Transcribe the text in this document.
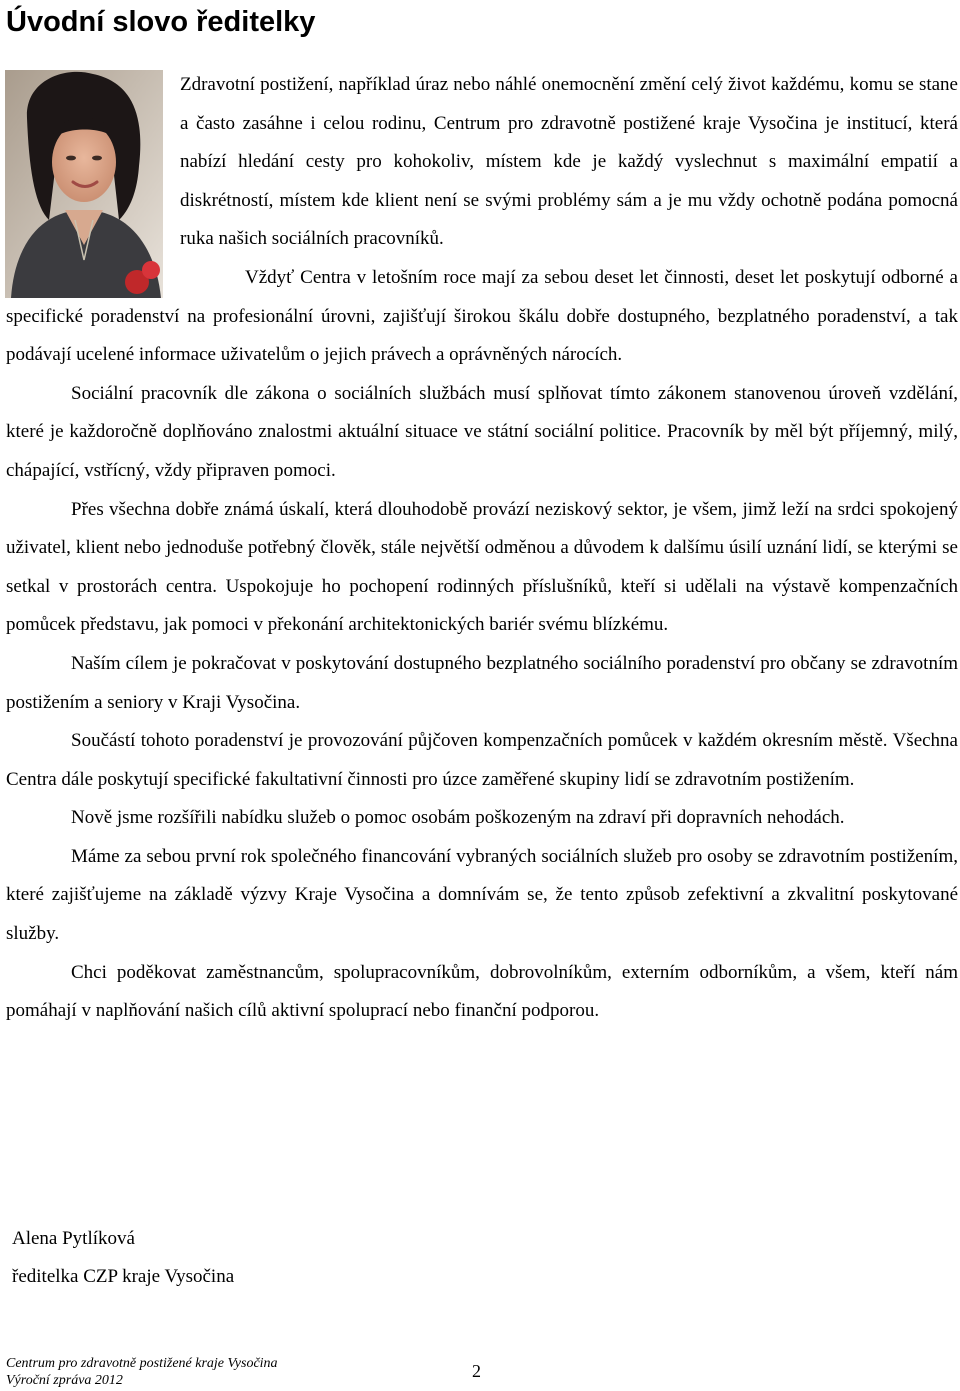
Úvodní slovo ředitelky

Zdravotní postižení, například úraz nebo náhlé onemocnění změní celý život každému, komu se stane a často zasáhne i celou rodinu, Centrum pro zdravotně postižené kraje Vysočina je institucí, která nabízí hledání cesty pro kohokoliv, místem kde je každý vyslechnut s maximální empatií a diskrétností, místem kde klient není se svými problémy sám a je mu vždy ochotně podána pomocná ruka našich sociálních pracovníků.

Vždyť Centra v letošním roce mají za sebou deset let činnosti, deset let poskytují odborné a specifické poradenství na profesionální úrovni, zajišťují širokou škálu dobře dostupného, bezplatného poradenství, a tak podávají ucelené informace uživatelům o jejich právech a oprávněných nárocích.

Sociální pracovník dle zákona o sociálních službách musí splňovat tímto zákonem stanovenou úroveň vzdělání, které je každoročně doplňováno znalostmi aktuální situace ve státní sociální politice. Pracovník by měl být příjemný, milý, chápající, vstřícný, vždy připraven pomoci.

Přes všechna dobře známá úskalí, která dlouhodobě provází neziskový sektor, je všem, jimž leží na srdci spokojený uživatel, klient nebo jednoduše potřebný člověk, stále největší odměnou a důvodem k dalšímu úsilí uznání lidí, se kterými se setkal v prostorách centra. Uspokojuje ho pochopení rodinných příslušníků, kteří si udělali na výstavě kompenzačních pomůcek představu, jak pomoci v překonání architektonických bariér svému blízkému.

Naším cílem je pokračovat v poskytování dostupného bezplatného sociálního poradenství pro občany se zdravotním postižením a seniory v Kraji Vysočina.

Součástí tohoto poradenství je provozování půjčoven kompenzačních pomůcek v každém okresním městě. Všechna Centra dále poskytují specifické fakultativní činnosti pro úzce zaměřené skupiny lidí se zdravotním postižením.

Nově jsme rozšířili nabídku služeb o pomoc osobám poškozeným na zdraví při dopravních nehodách.

Máme za sebou první rok společného financování vybraných sociálních služeb pro osoby se zdravotním postižením, které zajišťujeme na základě výzvy Kraje Vysočina a domnívám se, že tento způsob zefektivní a zkvalitní poskytované služby.

Chci poděkovat zaměstnancům, spolupracovníkům, dobrovolníkům, externím odborníkům, a všem, kteří nám pomáhají v naplňování našich cílů aktivní spoluprací nebo finanční podporou.

Alena Pytlíková
ředitelka CZP kraje Vysočina
Centrum pro zdravotně postižené kraje Vysočina
Výroční zpráva 2012	2
